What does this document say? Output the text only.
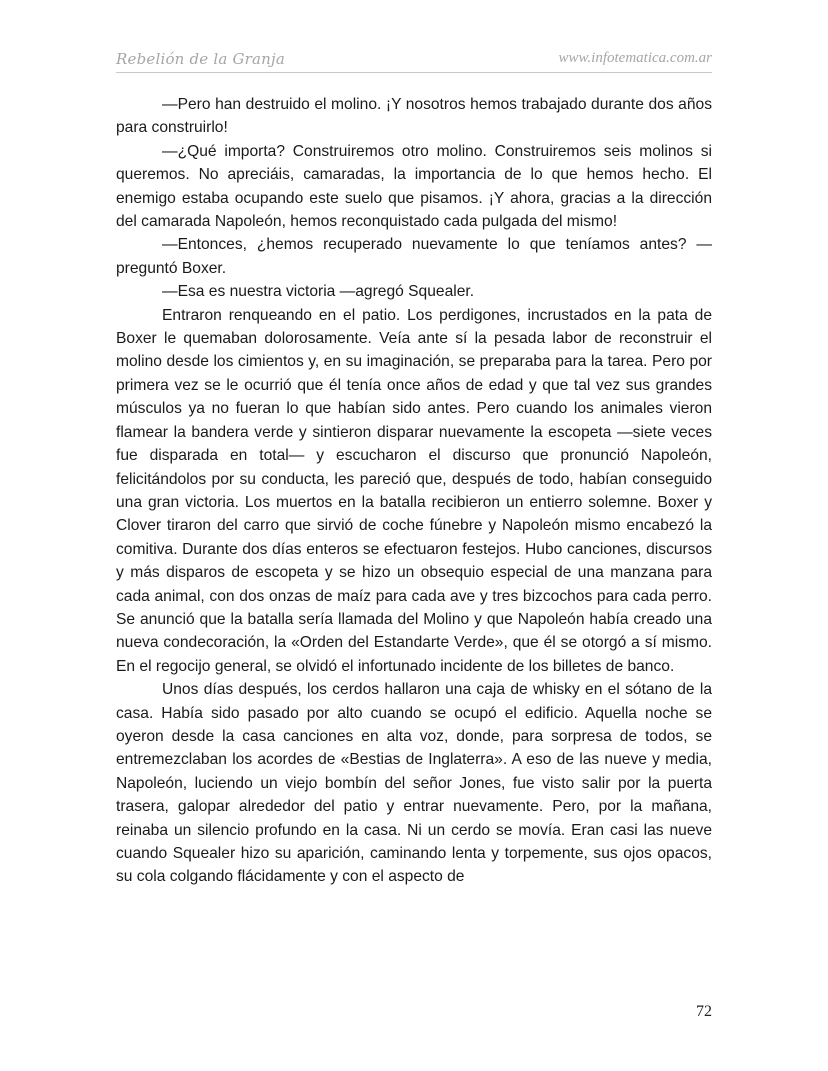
Rebelión de la Granja	www.infotematica.com.ar

—Pero han destruido el molino. ¡Y nosotros hemos trabajado durante dos años para construirlo!

—¿Qué importa? Construiremos otro molino. Construiremos seis molinos si queremos. No apreciáis, camaradas, la importancia de lo que hemos hecho. El enemigo estaba ocupando este suelo que pisamos. ¡Y ahora, gracias a la dirección del camarada Napoleón, hemos reconquistado cada pulgada del mismo!

—Entonces, ¿hemos recuperado nuevamente lo que teníamos antes? —preguntó Boxer.

—Esa es nuestra victoria —agregó Squealer.

Entraron renqueando en el patio. Los perdigones, incrustados en la pata de Boxer le quemaban dolorosamente. Veía ante sí la pesada labor de reconstruir el molino desde los cimientos y, en su imaginación, se preparaba para la tarea. Pero por primera vez se le ocurrió que él tenía once años de edad y que tal vez sus grandes músculos ya no fueran lo que habían sido antes. Pero cuando los animales vieron flamear la bandera verde y sintieron disparar nuevamente la escopeta —siete veces fue disparada en total— y escucharon el discurso que pronunció Napoleón, felicitándolos por su conducta, les pareció que, después de todo, habían conseguido una gran victoria. Los muertos en la batalla recibieron un entierro solemne. Boxer y Clover tiraron del carro que sirvió de coche fúnebre y Napoleón mismo encabezó la comitiva. Durante dos días enteros se efectuaron festejos. Hubo canciones, discursos y más disparos de escopeta y se hizo un obsequio especial de una manzana para cada animal, con dos onzas de maíz para cada ave y tres bizcochos para cada perro. Se anunció que la batalla sería llamada del Molino y que Napoleón había creado una nueva condecoración, la «Orden del Estandarte Verde», que él se otorgó a sí mismo. En el regocijo general, se olvidó el infortunado incidente de los billetes de banco.

Unos días después, los cerdos hallaron una caja de whisky en el sótano de la casa. Había sido pasado por alto cuando se ocupó el edificio. Aquella noche se oyeron desde la casa canciones en alta voz, donde, para sorpresa de todos, se entremezclaban los acordes de «Bestias de Inglaterra». A eso de las nueve y media, Napoleón, luciendo un viejo bombín del señor Jones, fue visto salir por la puerta trasera, galopar alrededor del patio y entrar nuevamente. Pero, por la mañana, reinaba un silencio profundo en la casa. Ni un cerdo se movía. Eran casi las nueve cuando Squealer hizo su aparición, caminando lenta y torpemente, sus ojos opacos, su cola colgando flácidamente y con el aspecto de

72
